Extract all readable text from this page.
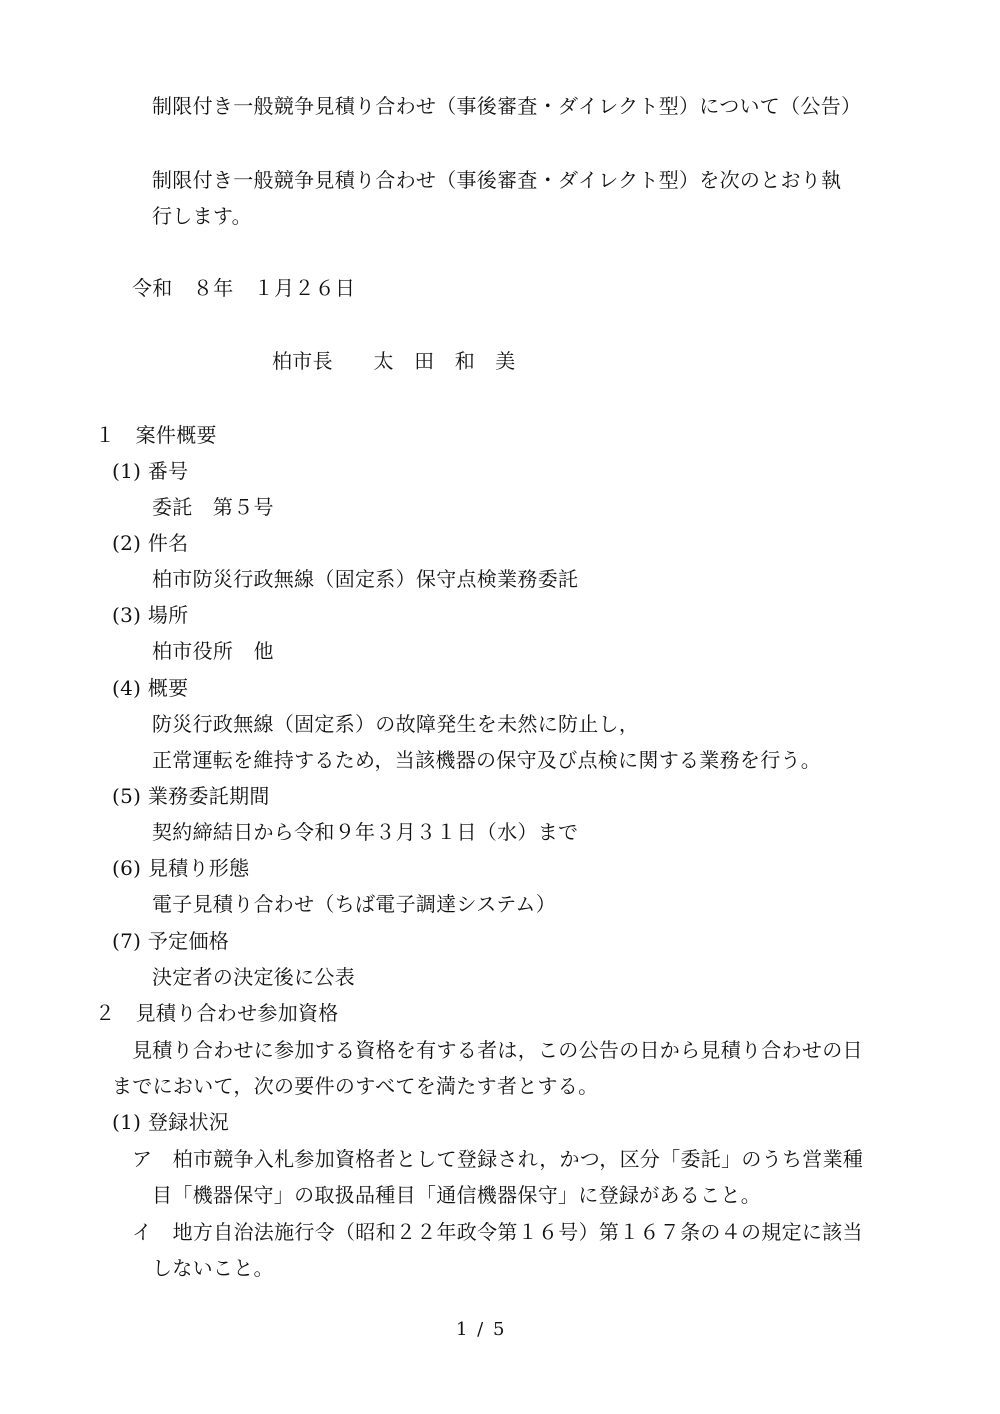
制限付き一般競争見積り合わせ（事後審査・ダイレクト型）について（公告）

制限付き一般競争見積り合わせ（事後審査・ダイレクト型）を次のとおり執

行します。

令和　８年　１月２６日

柏市長　　太　田　和　美

１　案件概要

(1) 番号

委託　第５号

(2) 件名

柏市防災行政無線（固定系）保守点検業務委託

(3) 場所

柏市役所　他

(4) 概要

防災行政無線（固定系）の故障発生を未然に防止し，

正常運転を維持するため，当該機器の保守及び点検に関する業務を行う。

(5) 業務委託期間

契約締結日から令和９年３月３１日（水）まで

(6) 見積り形態

電子見積り合わせ（ちば電子調達システム）

(7) 予定価格

決定者の決定後に公表

２　見積り合わせ参加資格

見積り合わせに参加する資格を有する者は，この公告の日から見積り合わせの日

までにおいて，次の要件のすべてを満たす者とする。

(1) 登録状況

ア　柏市競争入札参加資格者として登録され，かつ，区分「委託」のうち営業種

目「機器保守」の取扱品種目「通信機器保守」に登録があること。

イ　地方自治法施行令（昭和２２年政令第１６号）第１６７条の４の規定に該当

しないこと。

1 / 5
